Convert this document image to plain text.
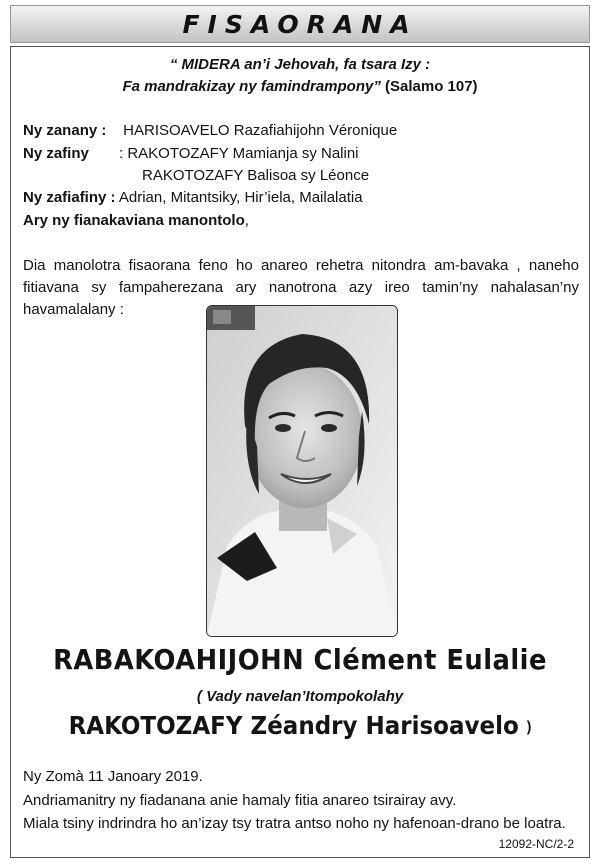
FISAORANA
“ MIDERA an’i Jehovah, fa tsara Izy :
Fa mandrakizay ny famindrampony” (Salamo 107)
Ny zanany : HARISOAVELO Razafiahijohn Véronique
Ny zafiny : RAKOTOZAFY Mamianja sy Nalini
RAKOTOZAFY Balisoa sy Léonce
Ny zafiafiny : Adrian, Mitantsiky, Hir’iela, Mailalatia
Ary ny fianakaviana manontolo,
Dia manolotra fisaorana feno ho anareo rehetra nitondra am-bavaka , naneho fitiavana sy fampaherezana ary nanotrona azy ireo tamin’ny nahalasan’ny havamalalany :
RABAKOAHIJOHN Clément Eulalie
( Vady navelan’Itompokolahy
RAKOTOZAFY Zéandry Harisoavelo )
Ny Zomà 11 Janoary 2019.
Andriamanitry ny fiadanana anie hamaly fitia anareo tsirairay avy.
Miala tsiny indrindra ho an’izay tsy tratra antso noho ny hafenoan-drano be loatra.
12092-NC/2-2
